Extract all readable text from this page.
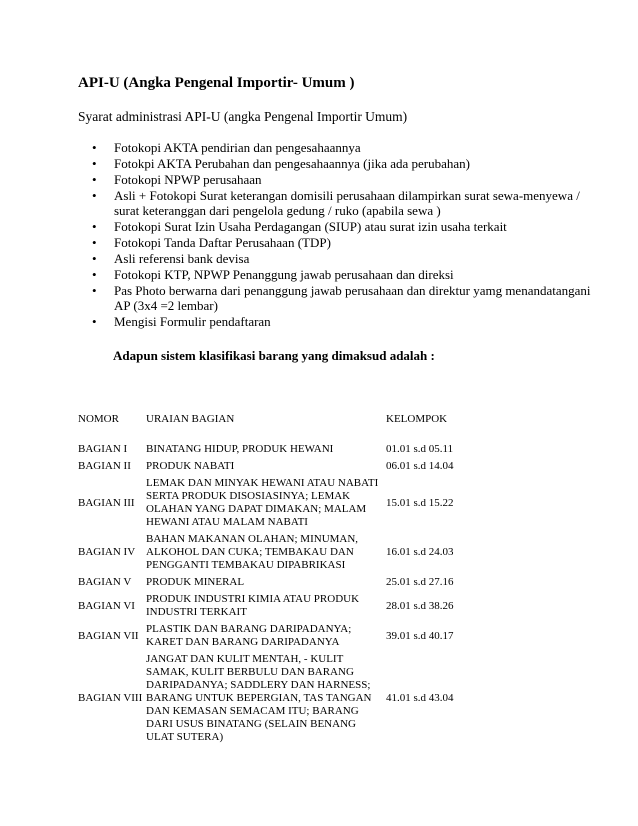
API-U (Angka Pengenal Importir- Umum )

Syarat administrasi API-U (angka Pengenal Importir Umum)

• Fotokopi AKTA pendirian dan pengesahaannya
• Fotokpi AKTA Perubahan dan pengesahaannya (jika ada perubahan)
• Fotokopi NPWP perusahaan
• Asli + Fotokopi Surat keterangan domisili perusahaan dilampirkan surat sewa-menyewa / surat keteranggan dari pengelola gedung / ruko (apabila sewa )
• Fotokopi Surat Izin Usaha Perdagangan (SIUP) atau surat izin usaha terkait
• Fotokopi Tanda Daftar Perusahaan (TDP)
• Asli referensi bank devisa
• Fotokopi KTP, NPWP Penanggung jawab perusahaan dan direksi
• Pas Photo berwarna dari penanggung jawab perusahaan dan direktur yamg menandatangani AP (3x4 =2 lembar)
• Mengisi Formulir pendaftaran

Adapun sistem klasifikasi barang yang dimaksud adalah :

NOMOR	URAIAN BAGIAN	KELOMPOK

BAGIAN I	BINATANG HIDUP, PRODUK HEWANI	01.01 s.d 05.11
BAGIAN II	PRODUK NABATI	06.01 s.d 14.04
BAGIAN III	LEMAK DAN MINYAK HEWANI ATAU NABATI SERTA PRODUK DISOSIASINYA; LEMAK OLAHAN YANG DAPAT DIMAKAN; MALAM HEWANI ATAU MALAM NABATI	15.01 s.d 15.22
BAGIAN IV	BAHAN MAKANAN OLAHAN; MINUMAN, ALKOHOL DAN CUKA; TEMBAKAU DAN PENGGANTI TEMBAKAU DIPABRIKASI	16.01 s.d 24.03
BAGIAN V	PRODUK MINERAL	25.01 s.d 27.16
BAGIAN VI	PRODUK INDUSTRI KIMIA ATAU PRODUK INDUSTRI TERKAIT	28.01 s.d 38.26
BAGIAN VII	PLASTIK DAN BARANG DARIPADANYA; KARET DAN BARANG DARIPADANYA	39.01 s.d 40.17
BAGIAN VIII	JANGAT DAN KULIT MENTAH, - KULIT SAMAK, KULIT BERBULU DAN BARANG DARIPADANYA; SADDLERY DAN HARNESS; BARANG UNTUK BEPERGIAN, TAS TANGAN DAN KEMASAN SEMACAM ITU; BARANG DARI USUS BINATANG (SELAIN BENANG ULAT SUTERA)	41.01 s.d 43.04
